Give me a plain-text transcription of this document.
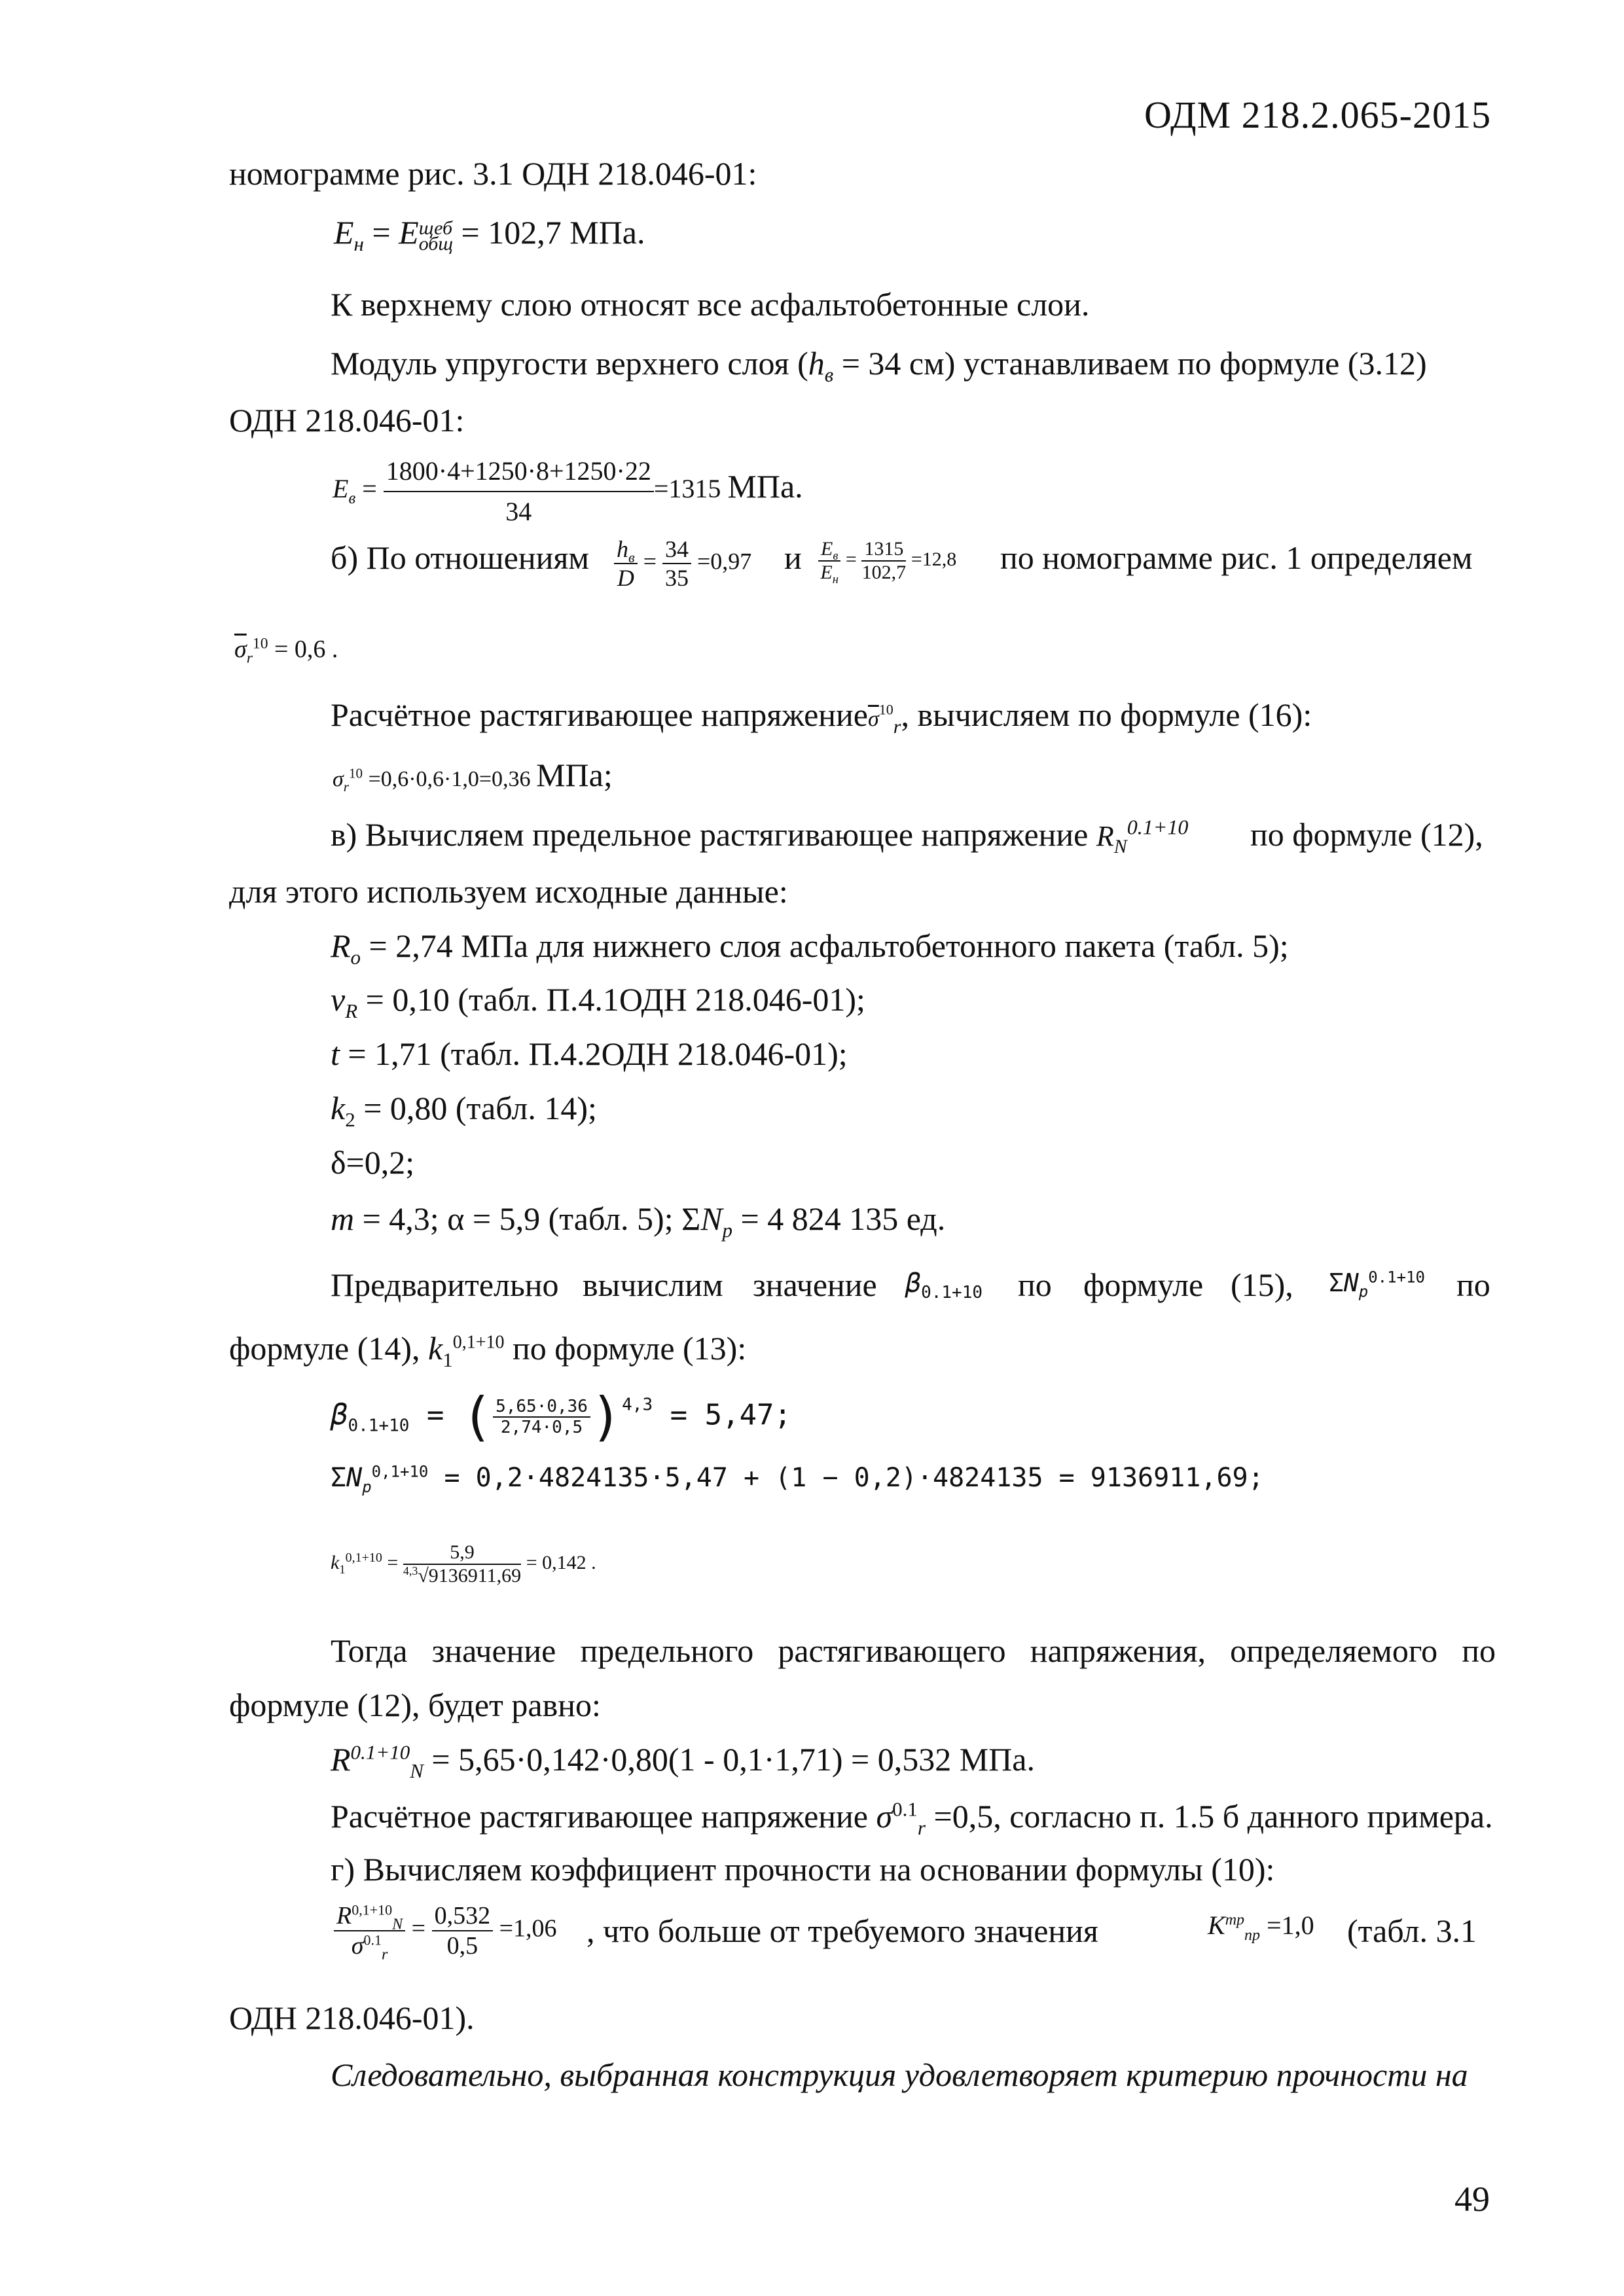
ОДМ 218.2.065-2015
номограмме рис. 3.1 ОДН 218.046-01:
$E_н = E$ щеб
общ = 102,7 МПа.
К верхнему слою относят все асфальтобетонные слои.
Модуль упругости верхнего слоя ($h_в = 34$ см) устанавливаем по формуле (3.12)
ОДН 218.046-01:
$E_в = \frac{1800\cdot 4+1250\cdot 8+1250\cdot 22}{34} =1315$ МПа.
б) По отношениям $\frac{h_в}{D} = \frac{34}{35} =0,97$ и $\frac{E_в}{E_н} = \frac{1315}{102,7} =12,8$ по номограмме рис. 1 определяем
$\overline{\sigma}_r^{10} = 0,6$ .
Расчётное растягивающее $напряжение\overline{\sigma}^{10}_r$, вычисляем по формуле (16):
$\sigma_r^{10} =0,6\cdot 0,6\cdot 1,0=0,36$ МПа;
в) Вычисляем предельное растягивающее напряжение $R_N^{0.1+10}$ по формуле (12),
для этого используем исходные данные:
$R_o = 2,74$ МПа для нижнего слоя асфальтобетонного пакета (табл. 5);
$v_R = 0,10$ (табл. П.4.1ОДН 218.046-01);
t = 1,71 (табл. П.4.2ОДН 218.046-01);
$k_2 = 0,80$ (табл. 14);
δ=0,2;
m = 4,3; α = 5,9 (табл. 5); $\Sigma N_p = 4$ 824 135 ед.
Предварительно вычислим значение $\beta_{0.1+10}$ по формуле (15), $\Sigma N_p^{0.1+10}$ по
формуле (14), $k_1^{0,1+10}$ по формуле (13):
$\beta_{0.1+10}$ = ( $\frac{5,65\cdot 0,36}{2,74\cdot 0,5} )^{4,3} = 5,47$;
$\Sigma N_p^{0,1+10} = 0,2\cdot 4824135\cdot 5,47 + (1 - 0,2)\cdot 4824135 = 9136911,69$;
$k_1^{0,1+10} = \frac{5,9}{^{4,3}√9136911,69} = 0,142$ .
Тогда значение предельного растягивающего напряжения, определяемого по
формуле (12), будет равно:
$R^{0.1+10}_N = 5,65\cdot 0,142\cdot 0,80(1 - 0,1\cdot 1,71) = 0,532$ МПа.
Расчётное растягивающее напряжение $\sigma^{0.1}_r =0,5$, согласно п. 1.5 б данного примера.
г) Вычисляем коэффициент прочности на основании формулы (10):
$\frac{R^{0,1+10}_N}{\sigma^{0.1}_r} = \frac{0,532}{0,5} =1,06$ , что больше от требуемого значения	$K^{тр}_{пр} =1,0$ (табл. 3.1
ОДН 218.046-01).
Следовательно, выбранная конструкция удовлетворяет критерию прочности на
49
